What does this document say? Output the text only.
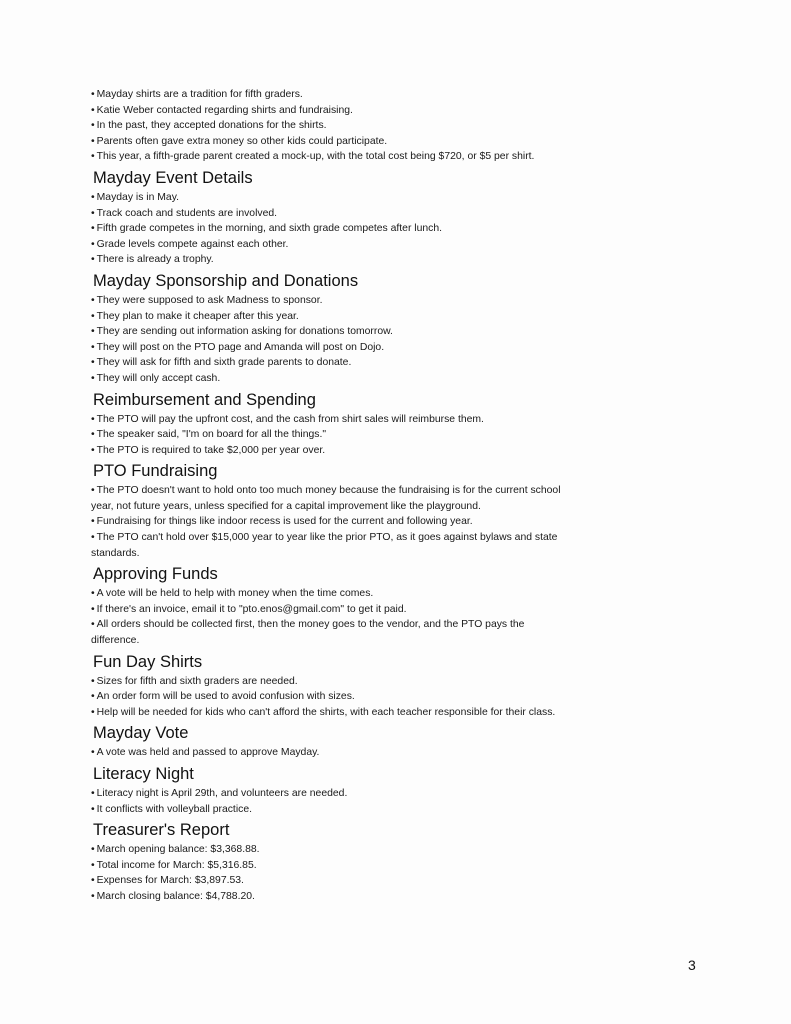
• Mayday shirts are a tradition for fifth graders.

• Katie Weber contacted regarding shirts and fundraising.

• In the past, they accepted donations for the shirts.

• Parents often gave extra money so other kids could participate.

• This year, a fifth-grade parent created a mock-up, with the total cost being $720, or $5 per shirt.

Mayday Event Details

• Mayday is in May.

• Track coach and students are involved.

• Fifth grade competes in the morning, and sixth grade competes after lunch.

• Grade levels compete against each other.

• There is already a trophy.

Mayday Sponsorship and Donations

• They were supposed to ask Madness to sponsor.

• They plan to make it cheaper after this year.

• They are sending out information asking for donations tomorrow.

• They will post on the PTO page and Amanda will post on Dojo.

• They will ask for fifth and sixth grade parents to donate.

• They will only accept cash.

Reimbursement and Spending

• The PTO will pay the upfront cost, and the cash from shirt sales will reimburse them.

• The speaker said, "I'm on board for all the things."

• The PTO is required to take $2,000 per year over.

PTO Fundraising

• The PTO doesn't want to hold onto too much money because the fundraising is for the current school year, not future years, unless specified for a capital improvement like the playground.

• Fundraising for things like indoor recess is used for the current and following year.

• The PTO can't hold over $15,000 year to year like the prior PTO, as it goes against bylaws and state standards.

Approving Funds

• A vote will be held to help with money when the time comes.

• If there's an invoice, email it to "pto.enos@gmail.com" to get it paid.

• All orders should be collected first, then the money goes to the vendor, and the PTO pays the difference.

Fun Day Shirts

• Sizes for fifth and sixth graders are needed.

• An order form will be used to avoid confusion with sizes.

• Help will be needed for kids who can't afford the shirts, with each teacher responsible for their class.

Mayday Vote

• A vote was held and passed to approve Mayday.

Literacy Night

• Literacy night is April 29th, and volunteers are needed.

• It conflicts with volleyball practice.

Treasurer's Report

• March opening balance: $3,368.88.

• Total income for March: $5,316.85.

• Expenses for March: $3,897.53.

• March closing balance: $4,788.20.

3
